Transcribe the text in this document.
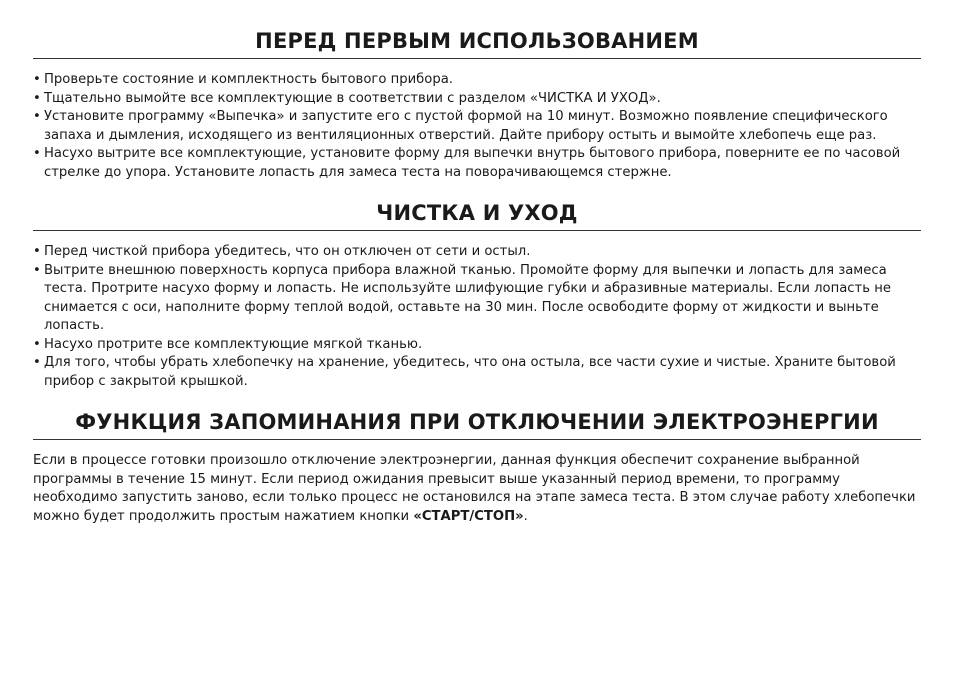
ПЕРЕД ПЕРВЫМ ИСПОЛЬЗОВАНИЕМ
• Проверьте состояние и комплектность бытового прибора.
• Тщательно вымойте все комплектующие в соответствии с разделом «ЧИСТКА И УХОД».
• Установите программу «Выпечка» и запустите его с пустой формой на 10 минут. Возможно появление специфического запаха и дымления, исходящего из вентиляционных отверстий. Дайте прибору остыть и вымойте хлебопечь еще раз.
• Насухо вытрите все комплектующие, установите форму для выпечки внутрь бытового прибора, поверните ее по часовой стрелке до упора. Установите лопасть для замеса теста на поворачивающемся стержне.
ЧИСТКА И УХОД
• Перед чисткой прибора убедитесь, что он отключен от сети и остыл.
• Вытрите внешнюю поверхность корпуса прибора влажной тканью. Промойте форму для выпечки и лопасть для замеса теста. Протрите насухо форму и лопасть. Не используйте шлифующие губки и абразивные материалы. Если лопасть не снимается с оси, наполните форму теплой водой, оставьте на 30 мин. После освободите форму от жидкости и выньте лопасть.
• Насухо протрите все комплектующие мягкой тканью.
• Для того, чтобы убрать хлебопечку на хранение, убедитесь, что она остыла, все части сухие и чистые. Храните бытовой прибор с закрытой крышкой.
ФУНКЦИЯ ЗАПОМИНАНИЯ ПРИ ОТКЛЮЧЕНИИ ЭЛЕКТРОЭНЕРГИИ

Если в процессе готовки произошло отключение электроэнергии, данная функция обеспечит сохранение выбранной программы в течение 15 минут. Если период ожидания превысит выше указанный период времени, то программу необходимо запустить заново, если только процесс не остановился на этапе замеса теста. В этом случае работу хлебопечки можно будет продолжить простым нажатием кнопки «СТАРТ/СТОП».
